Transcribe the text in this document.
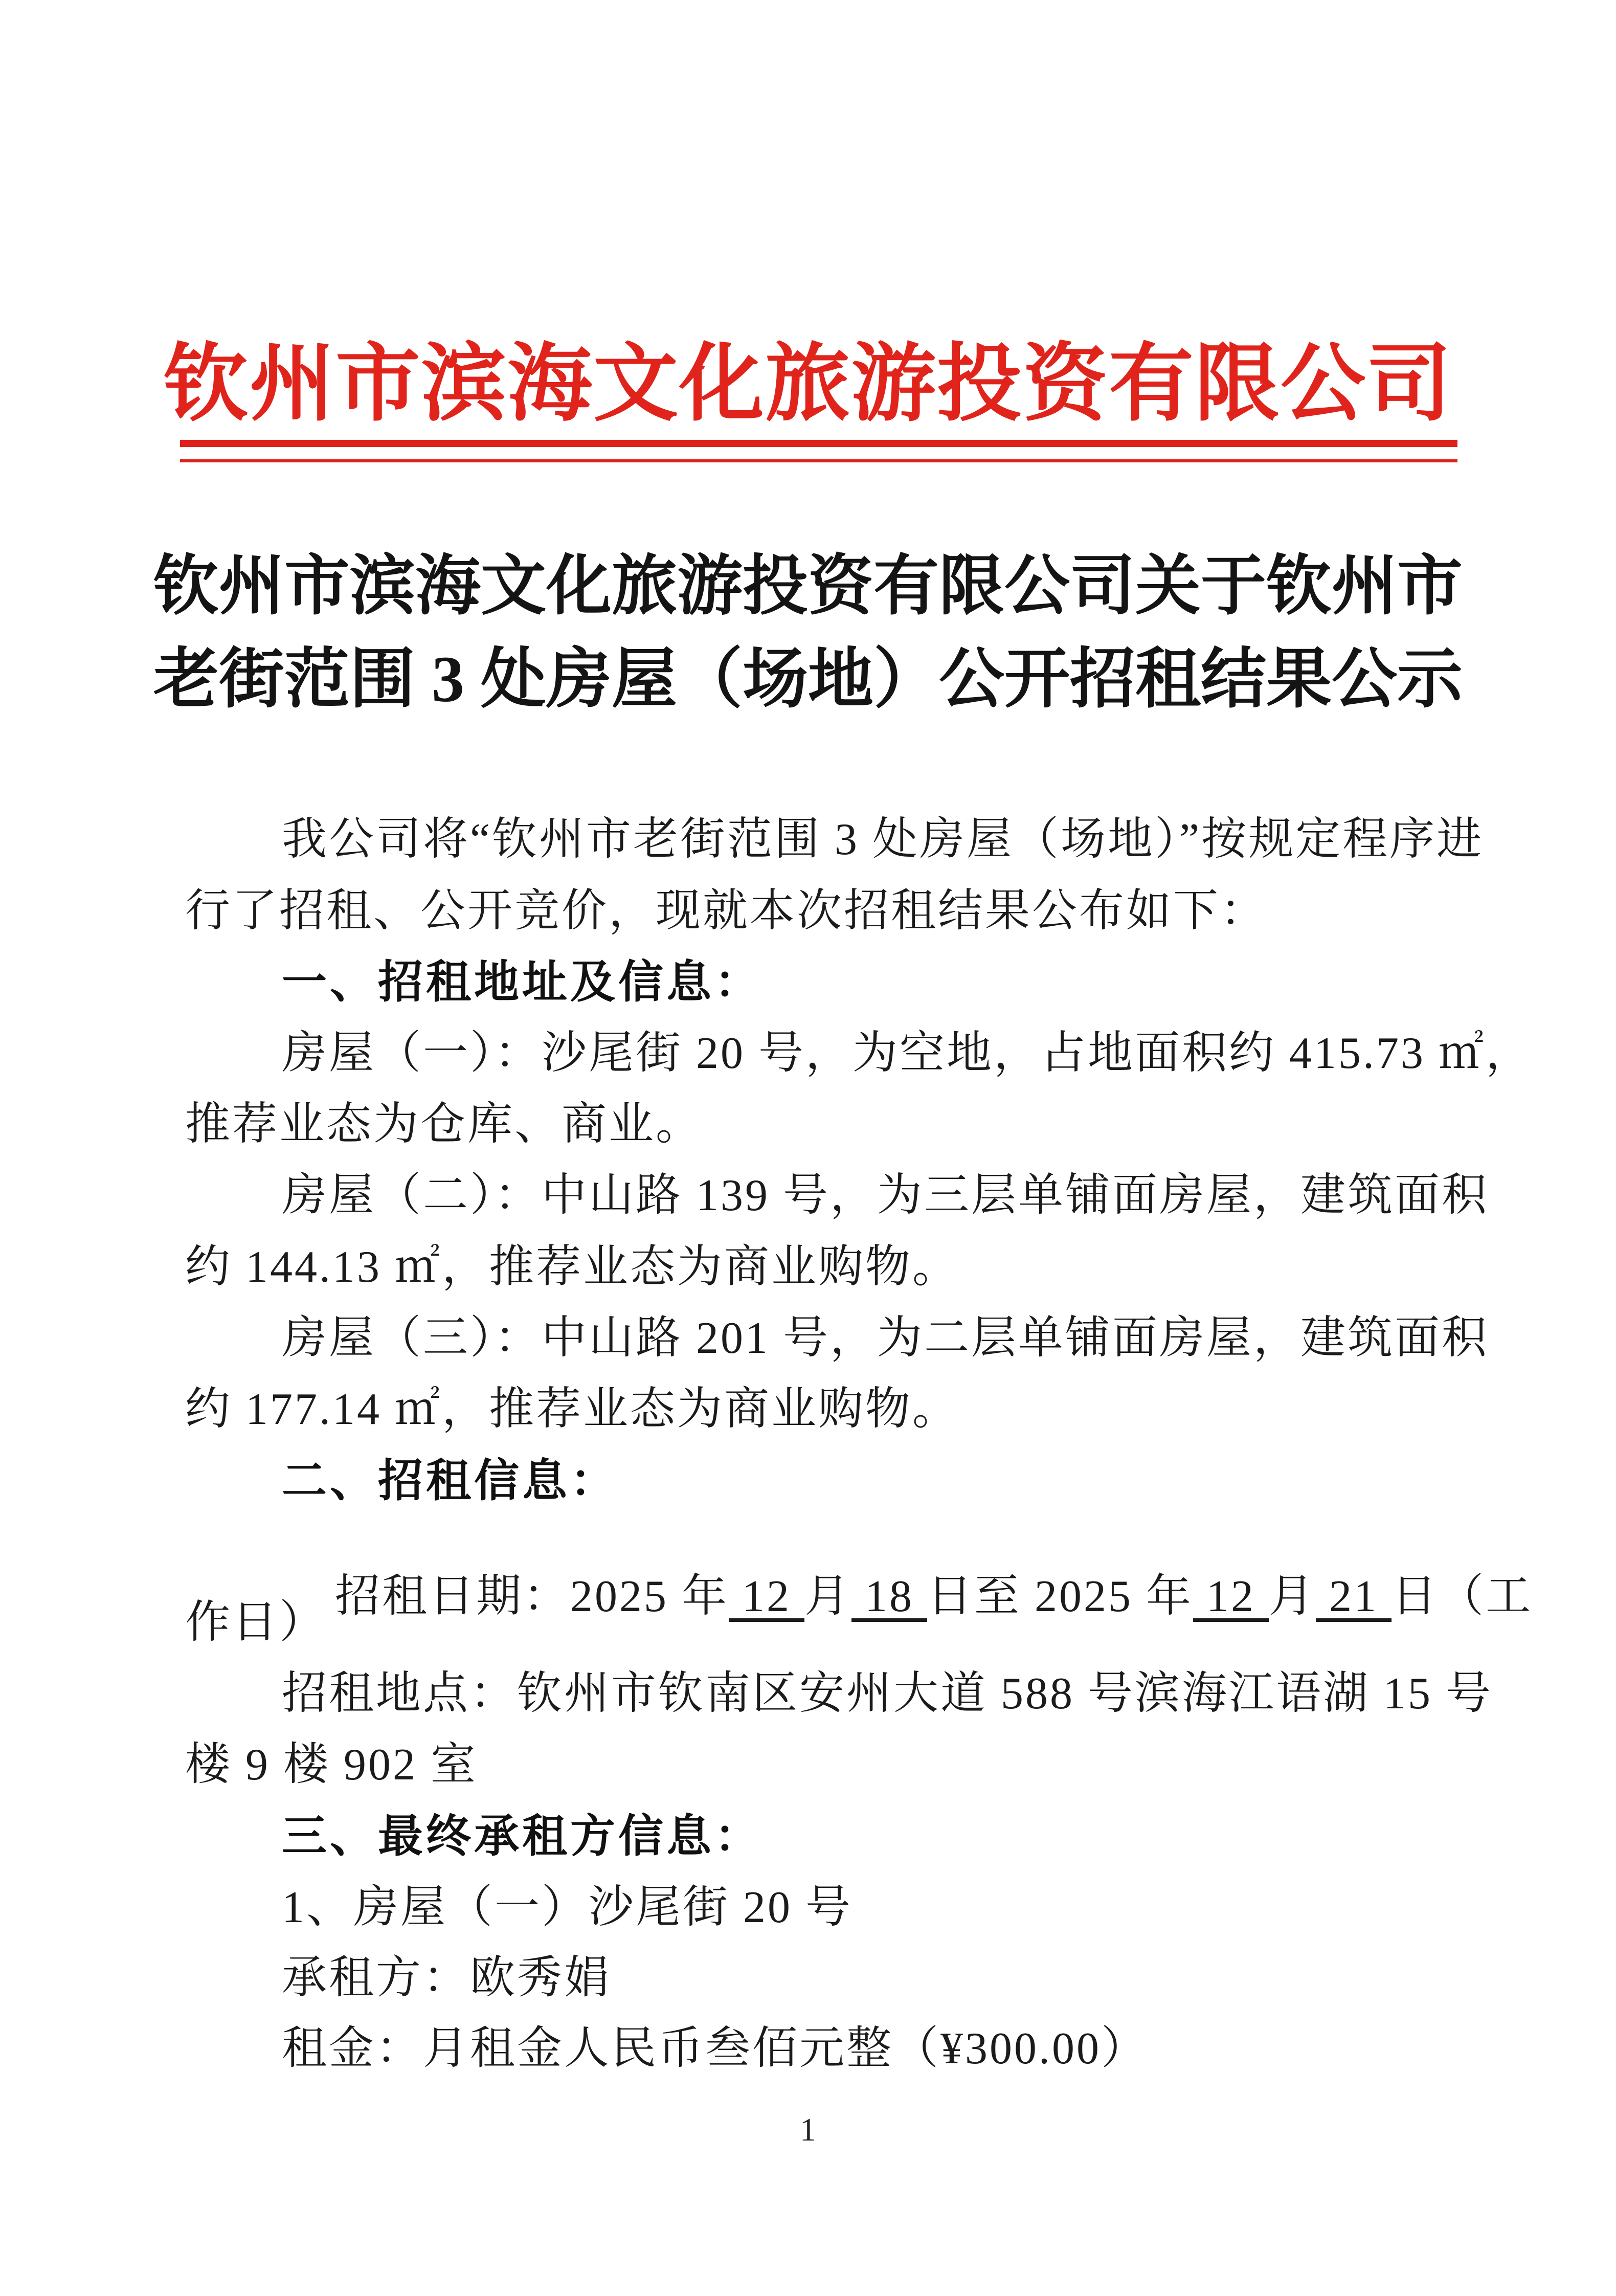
钦州市滨海文化旅游投资有限公司
钦州市滨海文化旅游投资有限公司关于钦州市
老街范围 3 处房屋（场地）公开招租结果公示
我公司将“钦州市老街范围 3 处房屋（场地）”按规定程序进
行了招租、公开竞价，现就本次招租结果公布如下：
一、招租地址及信息：
房屋（一）：沙尾街 20 号，为空地，占地面积约 415.73 ㎡，
推荐业态为仓库、商业。
房屋（二）：中山路 139 号，为三层单铺面房屋，建筑面积
约 144.13 ㎡，推荐业态为商业购物。
房屋（三）：中山路 201 号，为二层单铺面房屋，建筑面积
约 177.14 ㎡，推荐业态为商业购物。
二、招租信息：

招租日期：2025 年 12 月 18 日至 2025 年 12 月 21 日（工

作日）
招租地点：钦州市钦南区安州大道 588 号滨海江语湖 15 号
楼 9 楼 902 室
三、最终承租方信息：
1、房屋（一）沙尾街 20 号
承租方：欧秀娟
租金：月租金人民币叁佰元整（¥300.00）
1
